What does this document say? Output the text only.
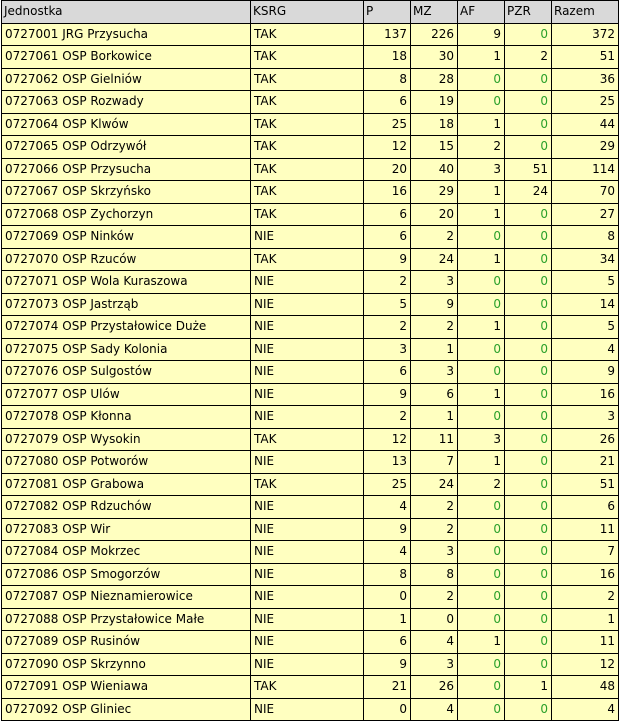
Jednostka	KSRG	P	MZ	AF	PZR	Razem
0727001 JRG Przysucha	TAK	137	226	9	0	372
0727061 OSP Borkowice	TAK	18	30	1	2	51
0727062 OSP Gielniów	TAK	8	28	0	0	36
0727063 OSP Rozwady	TAK	6	19	0	0	25
0727064 OSP Klwów	TAK	25	18	1	0	44
0727065 OSP Odrzywół	TAK	12	15	2	0	29
0727066 OSP Przysucha	TAK	20	40	3	51	114
0727067 OSP Skrzyńsko	TAK	16	29	1	24	70
0727068 OSP Zychorzyn	TAK	6	20	1	0	27
0727069 OSP Ninków	NIE	6	2	0	0	8
0727070 OSP Rzuców	TAK	9	24	1	0	34
0727071 OSP Wola Kuraszowa	NIE	2	3	0	0	5
0727073 OSP Jastrząb	NIE	5	9	0	0	14
0727074 OSP Przystałowice Duże	NIE	2	2	1	0	5
0727075 OSP Sady Kolonia	NIE	3	1	0	0	4
0727076 OSP Sulgostów	NIE	6	3	0	0	9
0727077 OSP Ulów	NIE	9	6	1	0	16
0727078 OSP Kłonna	NIE	2	1	0	0	3
0727079 OSP Wysokin	TAK	12	11	3	0	26
0727080 OSP Potworów	NIE	13	7	1	0	21
0727081 OSP Grabowa	TAK	25	24	2	0	51
0727082 OSP Rdzuchów	NIE	4	2	0	0	6
0727083 OSP Wir	NIE	9	2	0	0	11
0727084 OSP Mokrzec	NIE	4	3	0	0	7
0727086 OSP Smogorzów	NIE	8	8	0	0	16
0727087 OSP Nieznamierowice	NIE	0	2	0	0	2
0727088 OSP Przystałowice Małe	NIE	1	0	0	0	1
0727089 OSP Rusinów	NIE	6	4	1	0	11
0727090 OSP Skrzynno	NIE	9	3	0	0	12
0727091 OSP Wieniawa	TAK	21	26	0	1	48
0727092 OSP Gliniec	NIE	0	4	0	0	4
